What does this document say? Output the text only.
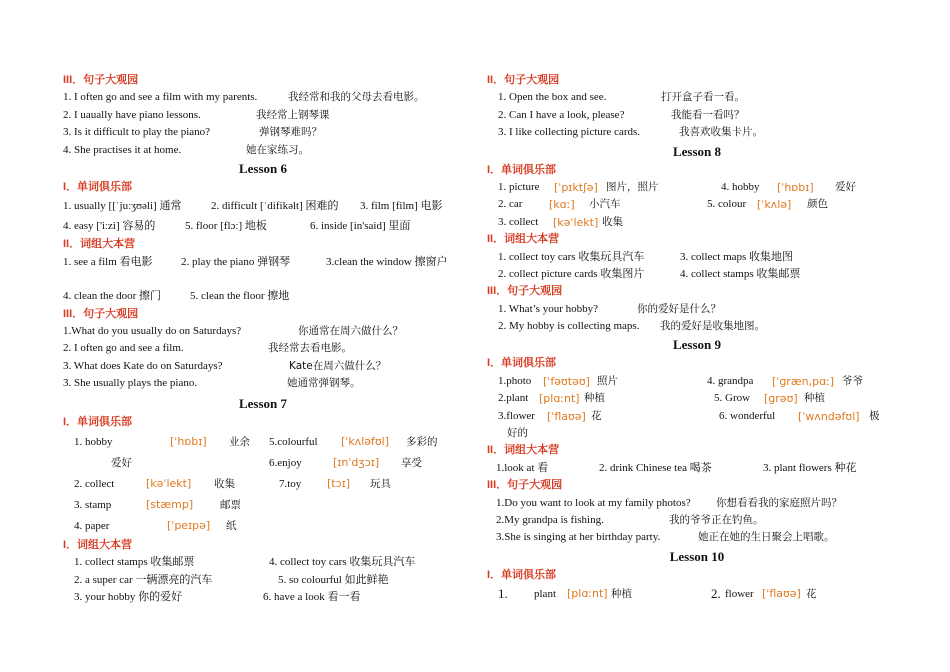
III．句子大观园
1. I often go and see a film with my parents.	我经常和我的父母去看电影。
2. I uaually have piano lessons.	我经常上钢琴课
3. Is it difficult to play the piano?	弹钢琴难吗？
4. She practises it at home.	她在家练习。
Lesson 6
I．单词俱乐部
1. usually [[ˈjuːʒʊəli] 通常	2. difficult [ˈdifikəlt] 困难的 3. film [film] 电影
4. easy ['iːzi] 容易的	5. floor [flɔː] 地板	6. inside [in'said] 里面
II．词组大本营
1. see a film 看电影	2. play the piano 弹钢琴	3.clean the window 擦窗户
4. clean the door 擦门	5. clean the floor 擦地
III．句子大观园
1.What do you usually do on Saturdays?	你通常在周六做什么？
2. I often go and see a film.	我经常去看电影。
3. What does Kate do on Saturdays?	Kate在周六做什么？
3. She usually plays the piano.	她通常弹钢琴。
Lesson 7
I．单词俱乐部
1. hobby	[ˈhɒbɪ] 业余 5.colourful [ˈkʌləfʊl] 多彩的
爱好	6.enjoy	[ɪnˈdʒɔɪ] 享受
2. collect	[kəˈlekt] 收集	7.toy [tɔɪ] 玩具
3. stamp	[stæmp]	邮票
4. paper	[ˈpeɪpə] 纸
I．词组大本营
1. collect stamps 收集邮票	4. collect toy cars 收集玩具汽车
2. a super car 一辆漂亮的汽车	5. so colourful 如此鲜艳
3. your hobby 你的爱好	6. have a look 看一看
II．句子大观园
1. Open the box and see.	打开盒子看一看。
2. Can I have a look, please?	我能看一看吗？
3. I like collecting picture cards.	我喜欢收集卡片。
Lesson 8
I．单词俱乐部
1. picture [ˈpɪktʃə] 图片，照片	4. hobby [ˈhɒbɪ] 爱好
2. car [kɑː] 小汽车	5. colour [ˈkʌlə] 颜色
3. collect [kəˈlekt] 收集
II．词组大本营
1. collect toy cars 收集玩具汽车	3. collect maps 收集地图
2. collect picture cards 收集图片	4. collect stamps 收集邮票
III．句子大观园
1. What’s your hobby?	你的爱好是什么？
2. My hobby is collecting maps. 我的爱好是收集地图。
Lesson 9
I．单词俱乐部
1.photo [ˈfəʊtəʊ] 照片	4. grandpa [ˈɡræn,pɑː] 爷爷
2.plant [plɑːnt] 种植	5. Grow [ɡrəʊ] 种植
3.flower [ˈflaʊə] 花	6. wonderful [ˈwʌndəfʊl] 极
好的
II．词组大本营
1.look at 看	2. drink Chinese tea 喝茶	3. plant flowers 种花
III．句子大观园
1.Do you want to look at my family photos? 你想看看我的家庭照片吗？
2.My grandpa is fishing.	我的爷爷正在钓鱼。
3.She is singing at her birthday party.	她正在她的生日聚会上唱歌。
Lesson 10
I．单词俱乐部
1. plant [plɑːnt] 种植	2. flower [ˈflaʊə] 花
